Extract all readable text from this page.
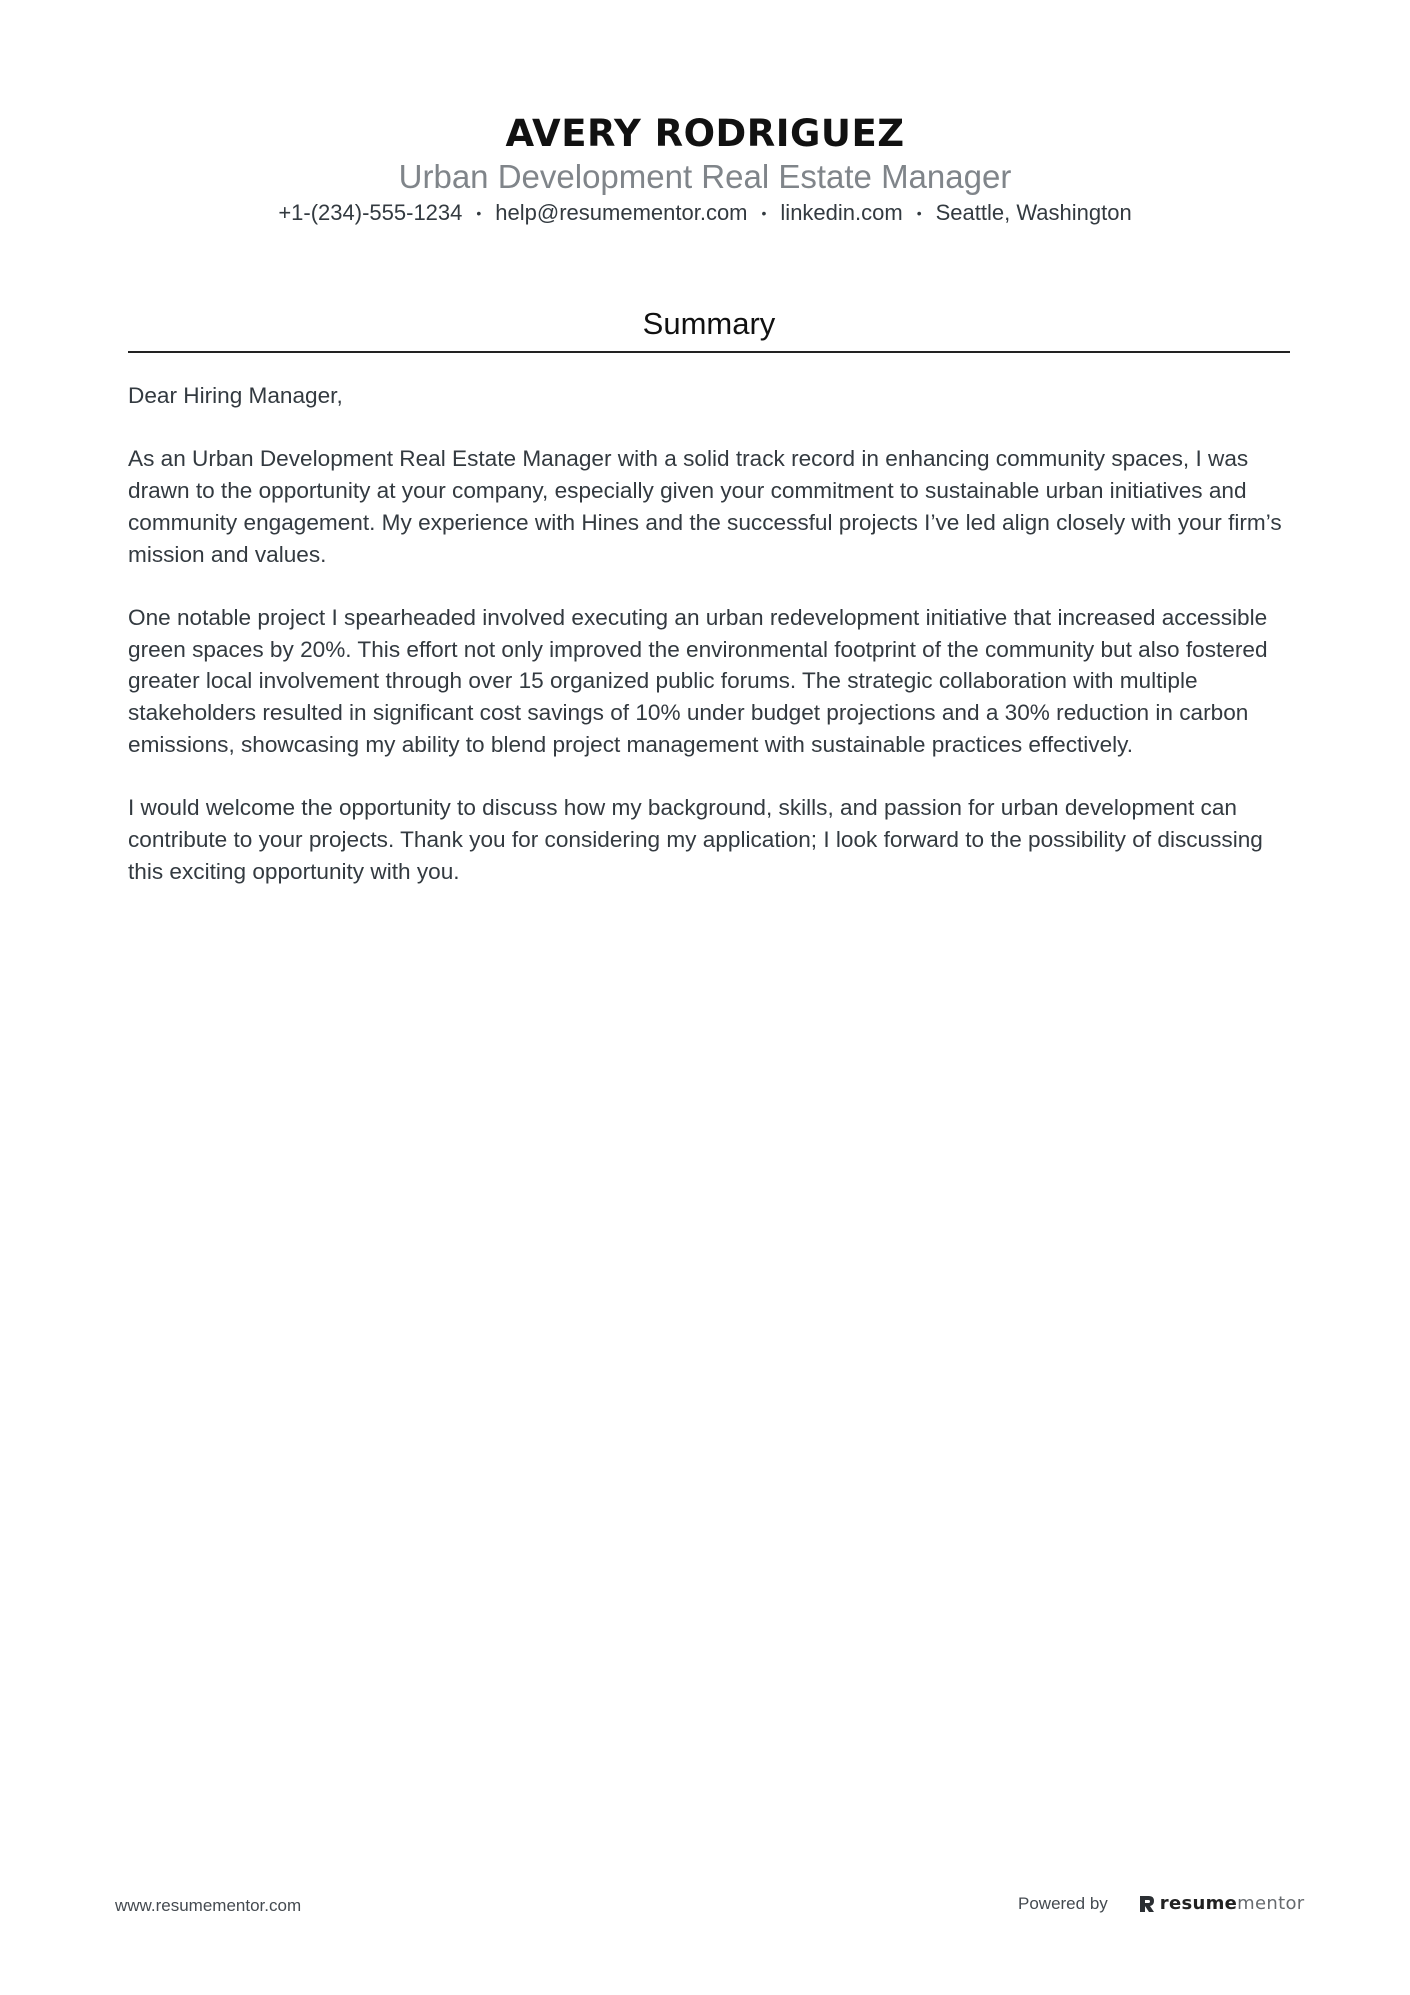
AVERY RODRIGUEZ
Urban Development Real Estate Manager
+1-(234)-555-1234 • help@resumementor.com • linkedin.com • Seattle, Washington
Summary

Dear Hiring Manager,

As an Urban Development Real Estate Manager with a solid track record in enhancing community spaces, I was drawn to the opportunity at your company, especially given your commitment to sustainable urban initiatives and community engagement. My experience with Hines and the successful projects I’ve led align closely with your firm’s mission and values.

One notable project I spearheaded involved executing an urban redevelopment initiative that increased accessible green spaces by 20%. This effort not only improved the environmental footprint of the community but also fostered greater local involvement through over 15 organized public forums. The strategic collaboration with multiple stakeholders resulted in significant cost savings of 10% under budget projections and a 30% reduction in carbon emissions, showcasing my ability to blend project management with sustainable practices effectively.

I would welcome the opportunity to discuss how my background, skills, and passion for urban development can contribute to your projects. Thank you for considering my application; I look forward to the possibility of discussing this exciting opportunity with you.

www.resumementor.com	Powered by	resumementor
